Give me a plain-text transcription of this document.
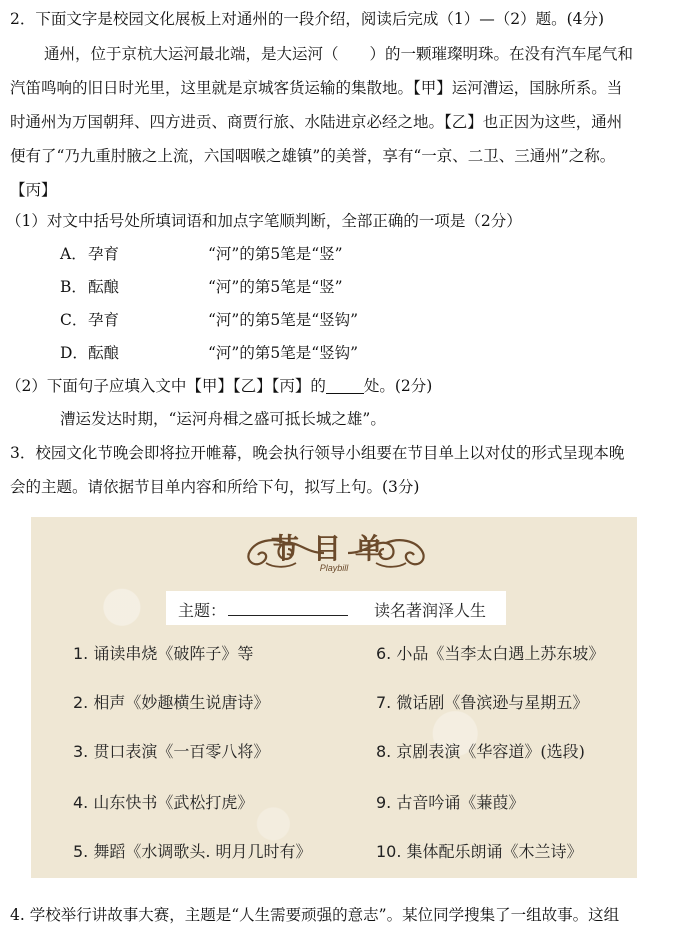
2．下面文字是校园文化展板上对通州的一段介绍，阅读后完成（1）—（2）题。(4分)
通州，位于京杭大运河最北端，是大运河（　　）的一颗璀璨明珠。在没有汽车尾气和
汽笛鸣响的旧日时光里，这里就是京城客货运输的集散地。【甲】运河漕运，国脉所系。当
时通州为万国朝拜、四方进贡、商贾行旅、水陆进京必经之地。【乙】也正因为这些，通州
便有了“乃九重肘腋之上流，六国咽喉之雄镇”的美誉，享有“一京、二卫、三通州”之称。
【丙】
（1）对文中括号处所填词语和加点字笔顺判断，全部正确的一项是（2分）
A．孕育	“河”的第5笔是“竖”
B．酝酿	“河”的第5笔是“竖”
C．孕育	“河”的第5笔是“竖钩”
D．酝酿	“河”的第5笔是“竖钩”
（2）下面句子应填入文中【甲】【乙】【丙】的 处。(2分)
漕运发达时期，“运河舟楫之盛可抵长城之雄”。
3．校园文化节晚会即将拉开帷幕，晚会执行领导小组要在节目单上以对仗的形式呈现本晚
会的主题。请依据节目单内容和所给下句，拟写上句。(3分)
节目单
Playbill
主题：	读名著润泽人生
1. 诵读串烧《破阵子》等
2. 相声《妙趣横生说唐诗》
3. 贯口表演《一百零八将》
4. 山东快书《武松打虎》
5. 舞蹈《水调歌头. 明月几时有》
6. 小品《当李太白遇上苏东坡》
7. 微话剧《鲁滨逊与星期五》
8. 京剧表演《华容道》(选段)
9. 古音吟诵《蒹葭》
10. 集体配乐朗诵《木兰诗》
4. 学校举行讲故事大赛，主题是“人生需要顽强的意志”。某位同学搜集了一组故事。这组
